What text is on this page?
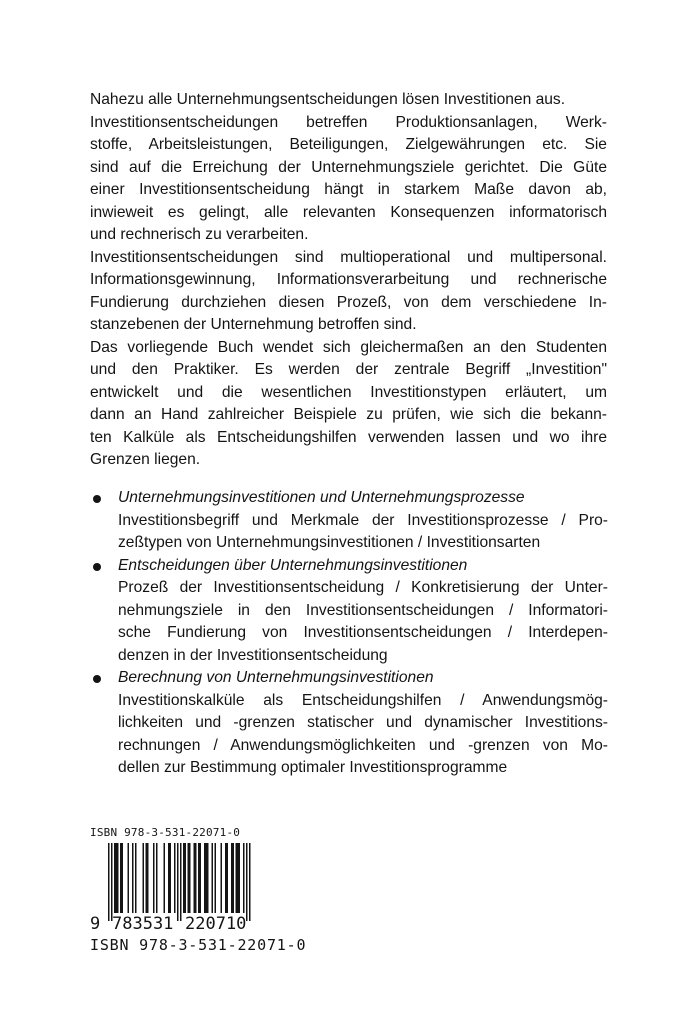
Nahezu alle Unternehmungsentscheidungen lösen Investitionen aus.
Investitionsentscheidungen betreffen Produktionsanlagen, Werk-
stoffe, Arbeitsleistungen, Beteiligungen, Zielgewährungen etc. Sie
sind auf die Erreichung der Unternehmungsziele gerichtet. Die Güte
einer Investitionsentscheidung hängt in starkem Maße davon ab,
inwieweit es gelingt, alle relevanten Konsequenzen informatorisch
und rechnerisch zu verarbeiten.
Investitionsentscheidungen sind multioperational und multipersonal.
Informationsgewinnung, Informationsverarbeitung und rechnerische
Fundierung durchziehen diesen Prozeß, von dem verschiedene In-
stanzebenen der Unternehmung betroffen sind.
Das vorliegende Buch wendet sich gleichermaßen an den Studenten
und den Praktiker. Es werden der zentrale Begriff „Investition"
entwickelt und die wesentlichen Investitionstypen erläutert, um
dann an Hand zahlreicher Beispiele zu prüfen, wie sich die bekann-
ten Kalküle als Entscheidungshilfen verwenden lassen und wo ihre
Grenzen liegen.
Unternehmungsinvestitionen und Unternehmungsprozesse
Investitionsbegriff und Merkmale der Investitionsprozesse / Pro-
zeßtypen von Unternehmungsinvestitionen / Investitionsarten
Entscheidungen über Unternehmungsinvestitionen
Prozeß der Investitionsentscheidung / Konkretisierung der Unter-
nehmungsziele in den Investitionsentscheidungen / Informatori-
sche Fundierung von Investitionsentscheidungen / Interdepen-
denzen in der Investitionsentscheidung
Berechnung von Unternehmungsinvestitionen
Investitionskalküle als Entscheidungshilfen / Anwendungsmög-
lichkeiten und -grenzen statischer und dynamischer Investitions-
rechnungen / Anwendungsmöglichkeiten und -grenzen von Mo-
dellen zur Bestimmung optimaler Investitionsprogramme
ISBN 978-3-531-22071-0
9 783531 220710
ISBN 978-3-531-22071-0
